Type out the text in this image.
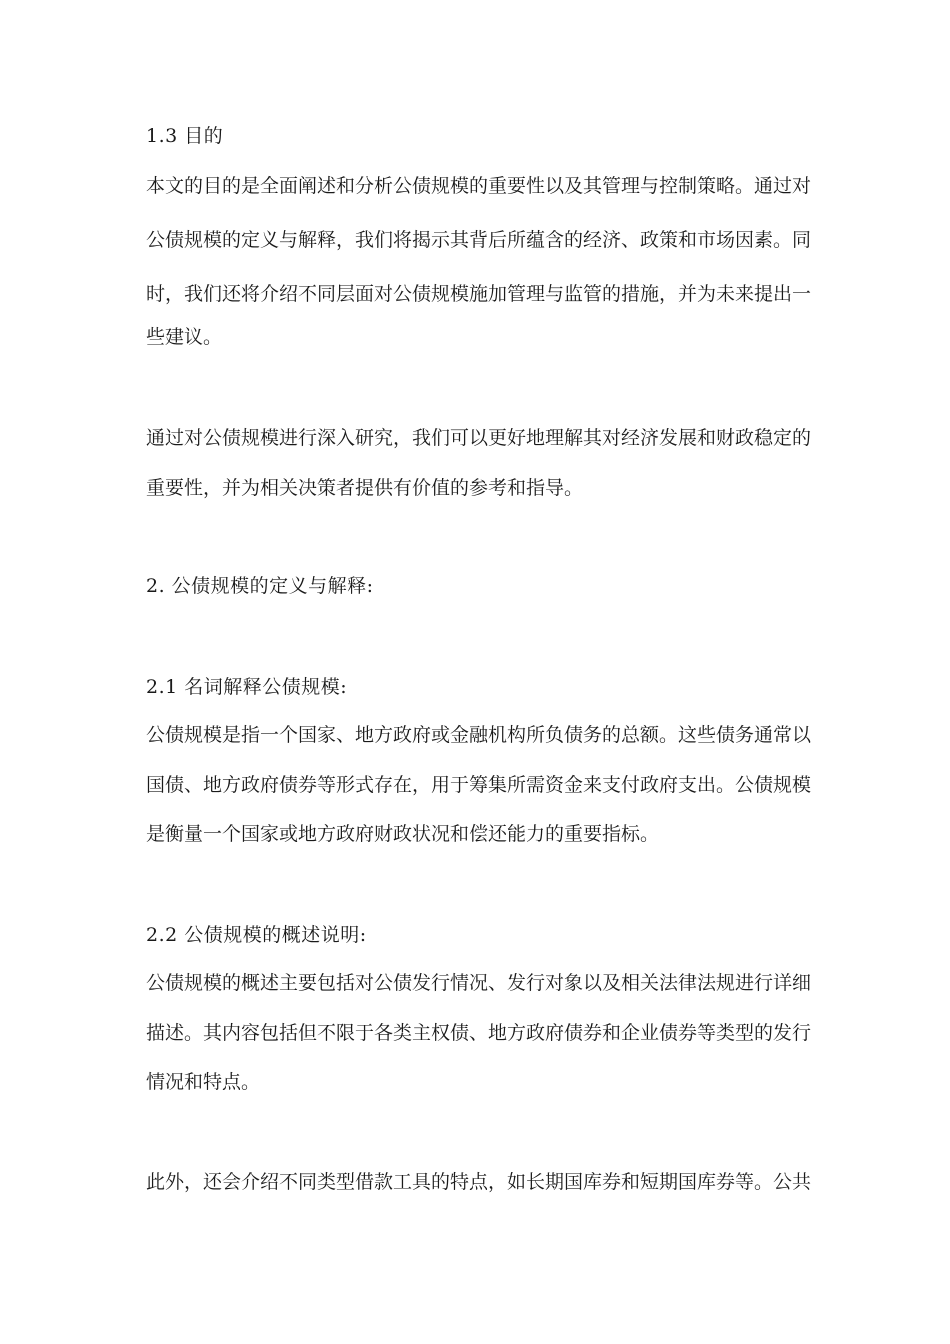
1.3 目的
本文的目的是全面阐述和分析公债规模的重要性以及其管理与控制策略。通过对
公债规模的定义与解释，我们将揭示其背后所蕴含的经济、政策和市场因素。同
时，我们还将介绍不同层面对公债规模施加管理与监管的措施，并为未来提出一
些建议。
通过对公债规模进行深入研究，我们可以更好地理解其对经济发展和财政稳定的
重要性，并为相关决策者提供有价值的参考和指导。
2. 公债规模的定义与解释:
2.1 名词解释公债规模:
公债规模是指一个国家、地方政府或金融机构所负债务的总额。这些债务通常以
国债、地方政府债券等形式存在，用于筹集所需资金来支付政府支出。公债规模
是衡量一个国家或地方政府财政状况和偿还能力的重要指标。
2.2 公债规模的概述说明:
公债规模的概述主要包括对公债发行情况、发行对象以及相关法律法规进行详细
描述。其内容包括但不限于各类主权债、地方政府债券和企业债券等类型的发行
情况和特点。
此外，还会介绍不同类型借款工具的特点，如长期国库券和短期国库券等。公共
